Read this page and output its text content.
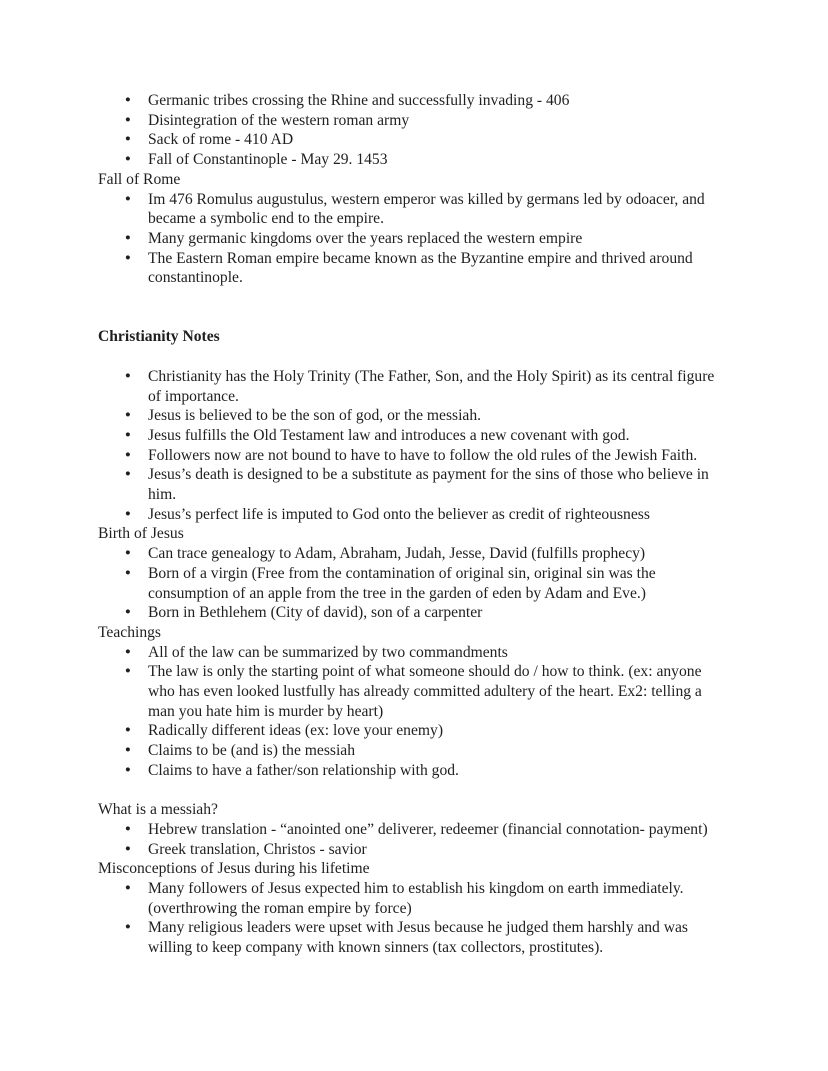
●	Germanic tribes crossing the Rhine and successfully invading - 406
●	Disintegration of the western roman army
●	Sack of rome - 410 AD
●	Fall of Constantinople - May 29. 1453
Fall of Rome
●	Im 476 Romulus augustulus, western emperor was killed by germans led by odoacer, and became a symbolic end to the empire.
●	Many germanic kingdoms over the years replaced the western empire
●	The Eastern Roman empire became known as the Byzantine empire and thrived around constantinople.
Christianity Notes
●	Christianity has the Holy Trinity (The Father, Son, and the Holy Spirit) as its central figure of importance.
●	Jesus is believed to be the son of god, or the messiah.
●	Jesus fulfills the Old Testament law and introduces a new covenant with god.
●	Followers now are not bound to have to have to follow the old rules of the Jewish Faith.
●	Jesus’s death is designed to be a substitute as payment for the sins of those who believe in him.
●	Jesus’s perfect life is imputed to God onto the believer as credit of righteousness
Birth of Jesus
●	Can trace genealogy to Adam, Abraham, Judah, Jesse, David (fulfills prophecy)
●	Born of a virgin (Free from the contamination of original sin, original sin was the consumption of an apple from the tree in the garden of eden by Adam and Eve.)
●	Born in Bethlehem (City of david), son of a carpenter
Teachings
●	All of the law can be summarized by two commandments
●	The law is only the starting point of what someone should do / how to think. (ex: anyone who has even looked lustfully has already committed adultery of the heart. Ex2: telling a man you hate him is murder by heart)
●	Radically different ideas (ex: love your enemy)
●	Claims to be (and is) the messiah
●	Claims to have a father/son relationship with god.
What is a messiah?
●	Hebrew translation - “anointed one” deliverer, redeemer (financial connotation- payment)
●	Greek translation, Christos - savior
Misconceptions of Jesus during his lifetime
●	Many followers of Jesus expected him to establish his kingdom on earth immediately. (overthrowing the roman empire by force)
●	Many religious leaders were upset with Jesus because he judged them harshly and was willing to keep company with known sinners (tax collectors, prostitutes).
